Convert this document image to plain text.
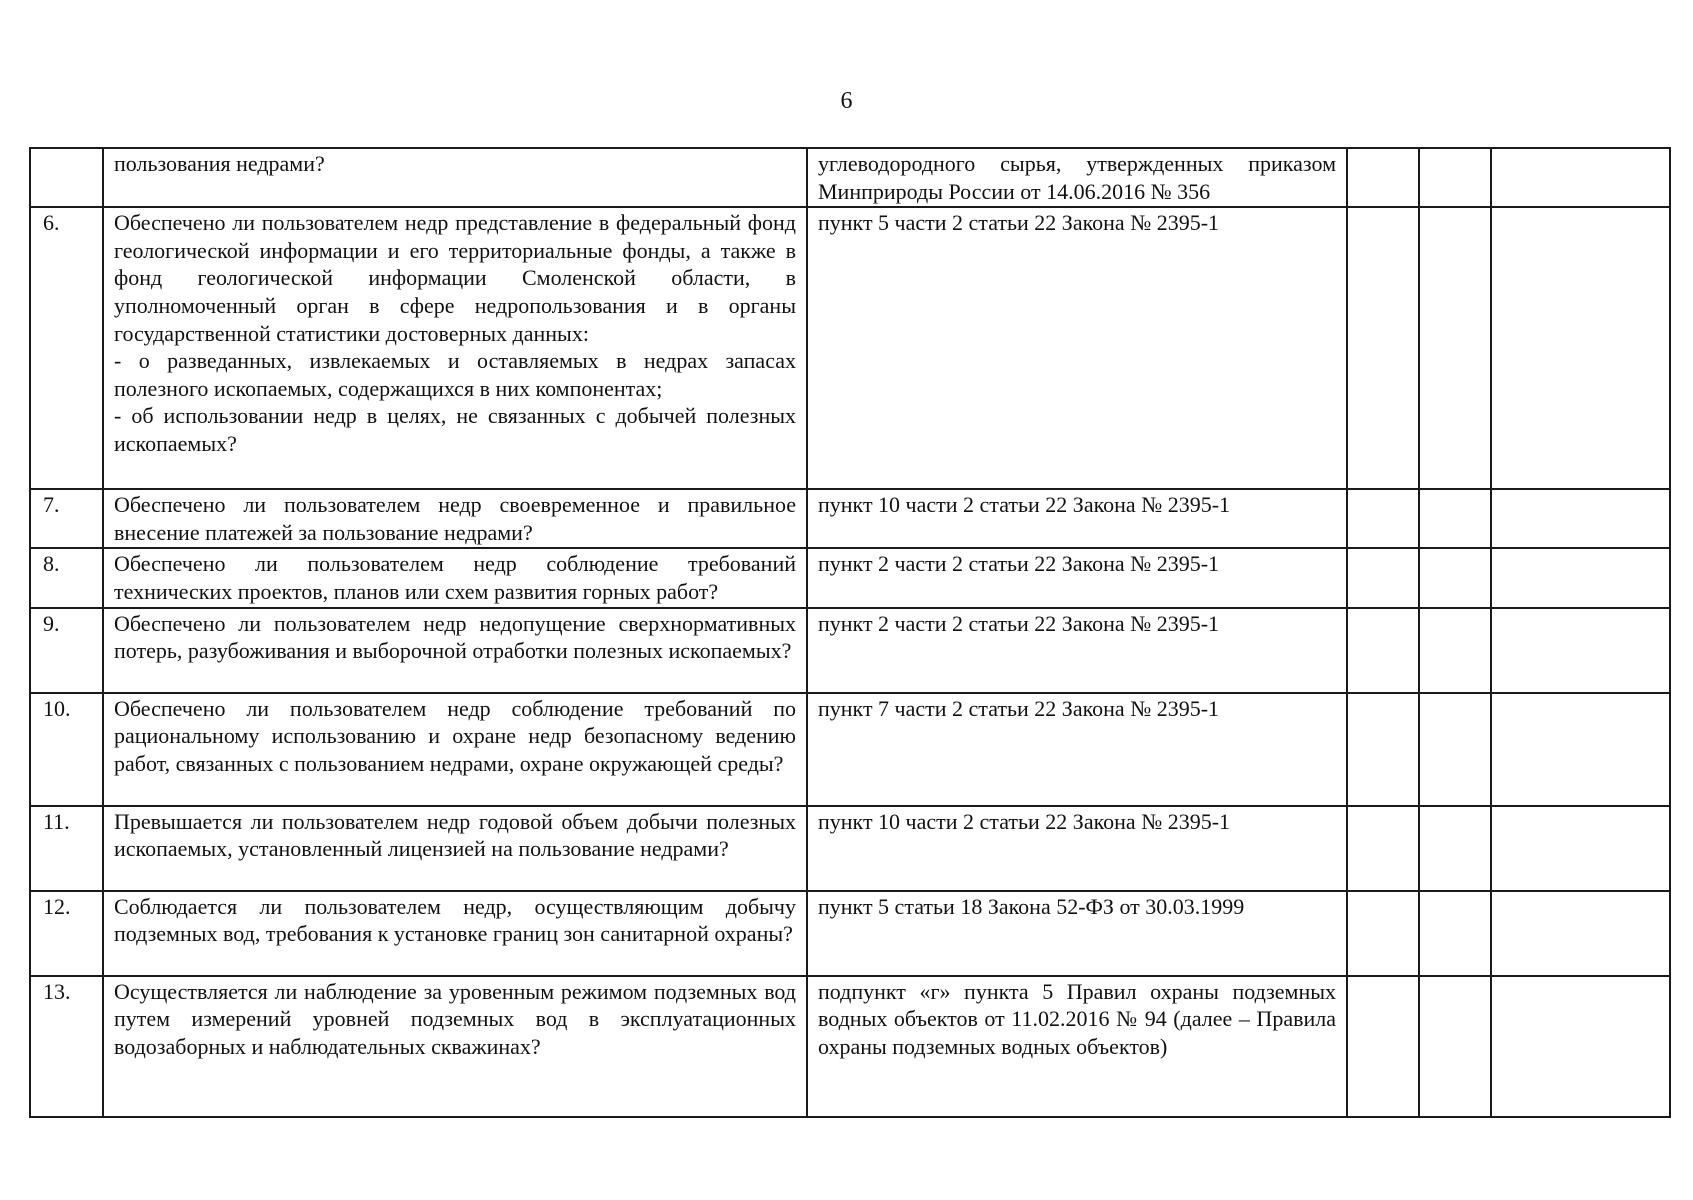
6

	пользования недрами?	углеводородного сырья, утвержденных приказом Минприроды России от 14.06.2016 № 356			

6.	Обеспечено ли пользователем недр представление в федеральный фонд геологической информации и его территориальные фонды, а также в фонд геологической информации Смоленской области, в уполномоченный орган в сфере недропользования и в органы государственной статистики достоверных данных:
- о разведанных, извлекаемых и оставляемых в недрах запасах полезного ископаемых, содержащихся в них компонентах;
- об использовании недр в целях, не связанных с добычей полезных ископаемых?	пункт 5 части 2 статьи 22 Закона № 2395-1			

7.	Обеспечено ли пользователем недр своевременное и правильное внесение платежей за пользование недрами?	пункт 10 части 2 статьи 22 Закона № 2395-1			

8.	Обеспечено ли пользователем недр соблюдение требований технических проектов, планов или схем развития горных работ?	пункт 2 части 2 статьи 22 Закона № 2395-1			

9.	Обеспечено ли пользователем недр недопущение сверхнормативных потерь, разубоживания и выборочной отработки полезных ископаемых?	пункт 2 части 2 статьи 22 Закона № 2395-1			

10.	Обеспечено ли пользователем недр соблюдение требований по рациональному использованию и охране недр безопасному ведению работ, связанных с пользованием недрами, охране окружающей среды?	пункт 7 части 2 статьи 22 Закона № 2395-1			

11.	Превышается ли пользователем недр годовой объем добычи полезных ископаемых, установленный лицензией на пользование недрами?	пункт 10 части 2 статьи 22 Закона № 2395-1			

12.	Соблюдается ли пользователем недр, осуществляющим добычу подземных вод, требования к установке границ зон санитарной охраны?	пункт 5 статьи 18 Закона 52-ФЗ от 30.03.1999			

13.	Осуществляется ли наблюдение за уровенным режимом подземных вод путем измерений уровней подземных вод в эксплуатационных водозаборных и наблюдательных скважинах?	подпункт «г» пункта 5 Правил охраны подземных водных объектов от 11.02.2016 № 94 (далее – Правила охраны подземных водных объектов)			
